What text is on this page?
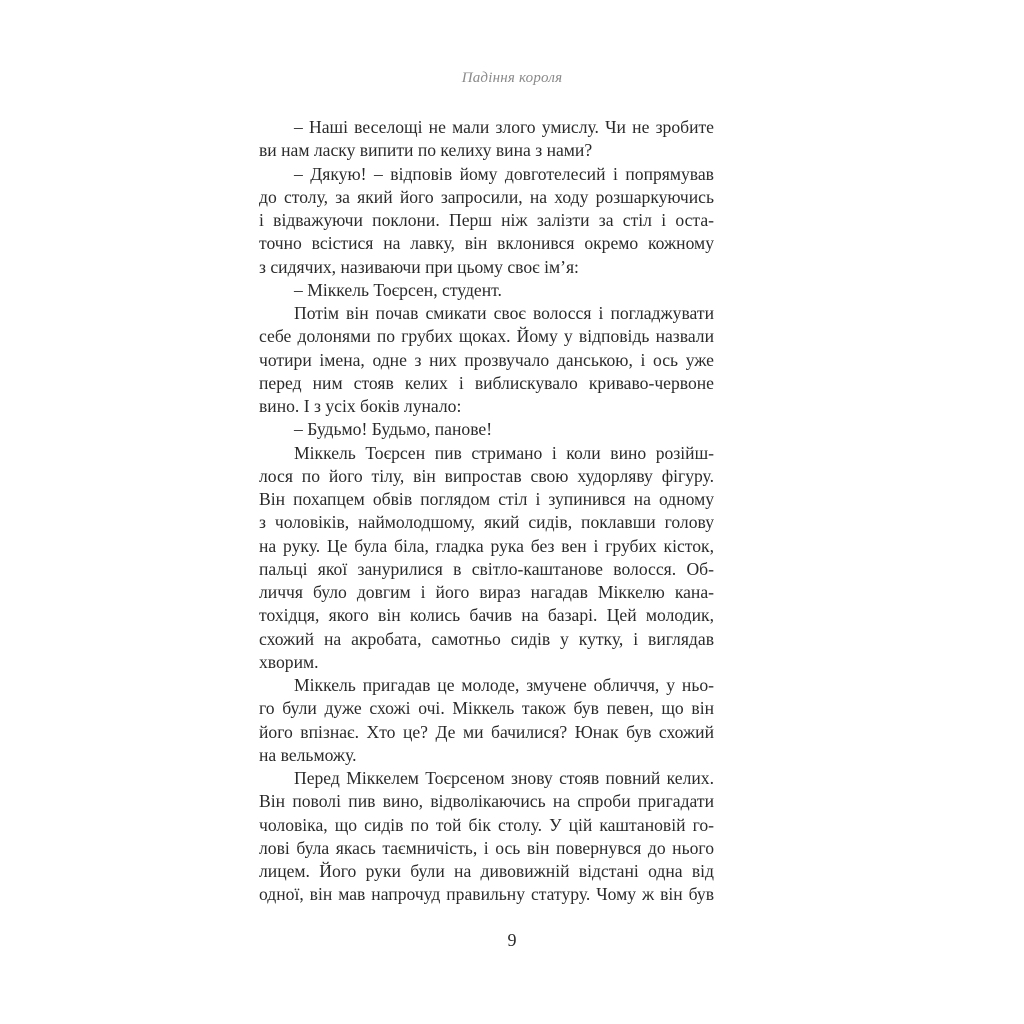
Падіння короля
– Наші веселощі не мали злого умислу. Чи не зробите
ви нам ласку випити по келиху вина з нами?
– Дякую! – відповів йому довготелесий і попрямував
до столу, за який його запросили, на ходу розшаркуючись
і відважуючи поклони. Перш ніж залізти за стіл і оста-
точно всістися на лавку, він вклонився окремо кожному
з сидячих, називаючи при цьому своє ім’я:
– Міккель Тоєрсен, студент.
Потім він почав смикати своє волосся і погладжувати
себе долонями по грубих щоках. Йому у відповідь назвали
чотири імена, одне з них прозвучало данською, і ось уже
перед ним стояв келих і виблискувало криваво-червоне
вино. І з усіх боків лунало:
– Будьмо! Будьмо, панове!
Міккель Тоєрсен пив стримано і коли вино розійш-
лося по його тілу, він випростав свою худорляву фігуру.
Він похапцем обвів поглядом стіл і зупинився на одному
з чоловіків, наймолодшому, який сидів, поклавши голову
на руку. Це була біла, гладка рука без вен і грубих кісток,
пальці якої занурилися в світло-каштанове волосся. Об-
личчя було довгим і його вираз нагадав Міккелю кана-
тохідця, якого він колись бачив на базарі. Цей молодик,
схожий на акробата, самотньо сидів у кутку, і виглядав
хворим.
Міккель пригадав це молоде, змучене обличчя, у ньо-
го були дуже схожі очі. Міккель також був певен, що він
його впізнає. Хто це? Де ми бачилися? Юнак був схожий
на вельможу.
Перед Міккелем Тоєрсеном знову стояв повний келих.
Він поволі пив вино, відволікаючись на спроби пригадати
чоловіка, що сидів по той бік столу. У цій каштановій го-
лові була якась таємничість, і ось він повернувся до нього
лицем. Його руки були на дивовижній відстані одна від
одної, він мав напрочуд правильну статуру. Чому ж він був
9
